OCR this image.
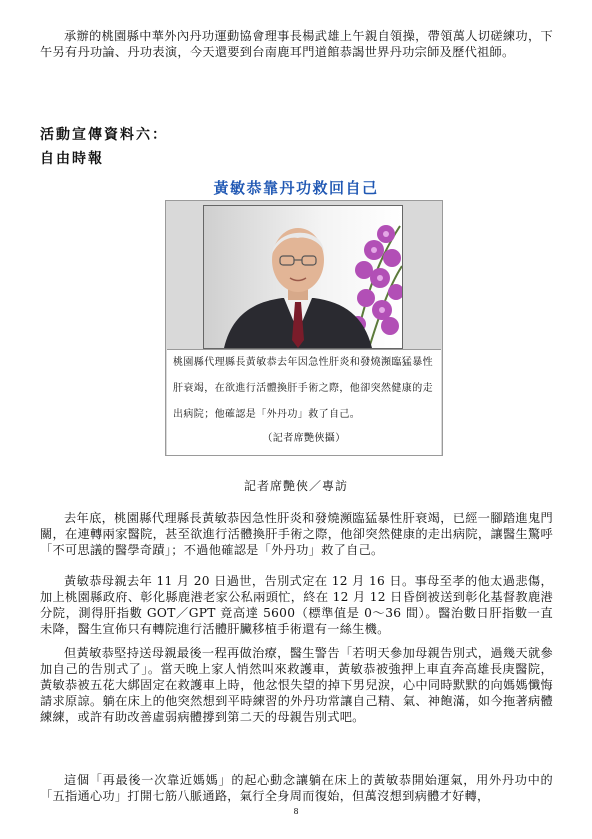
承辦的桃園縣中華外內丹功運動協會理事長楊武雄上午親自領操，帶領萬人切磋練功，下午另有丹功論、丹功表演，今天還要到台南鹿耳門道館恭謁世界丹功宗師及歷代祖師。

活動宣傳資料六：
自由時報
黃敏恭靠丹功救回自己
桃園縣代理縣長黃敏恭去年因急性肝炎和發燒瀕臨猛暴性肝衰竭，在欲進行活體換肝手術之際，他卻突然健康的走出病院；他確認是「外丹功」救了自己。
（記者席艷俠攝）
記者席艷俠／專訪

去年底，桃園縣代理縣長黃敏恭因急性肝炎和發燒瀕臨猛暴性肝衰竭，已經一腳踏進鬼門關，在連轉兩家醫院，甚至欲進行活體換肝手術之際，他卻突然健康的走出病院，讓醫生驚呼「不可思議的醫學奇蹟」；不過他確認是「外丹功」救了自己。

黃敏恭母親去年 11 月 20 日過世，告別式定在 12 月 16 日。事母至孝的他太過悲傷，加上桃園縣政府、彰化縣鹿港老家公私兩頭忙，終在 12 月 12 日昏倒被送到彰化基督教鹿港分院，測得肝指數 GOT／GPT 竟高達 5600（標準值是 0～36 間）。醫治數日肝指數一直未降，醫生宣佈只有轉院進行活體肝臟移植手術還有一絲生機。

但黃敏恭堅持送母親最後一程再做治療，醫生警告「若明天參加母親告別式，過幾天就參加自己的告別式了」。當天晚上家人悄然叫來救護車，黃敏恭被強押上車直奔高雄長庚醫院，黃敏恭被五花大綁固定在救護車上時，他忿恨失望的掉下男兒淚，心中同時默默的向媽媽懺悔請求原諒。躺在床上的他突然想到平時練習的外丹功常讓自己精、氣、神飽滿，如今拖著病體練練，或許有助改善虛弱病體撐到第二天的母親告別式吧。

這個「再最後一次靠近媽媽」的起心動念讓躺在床上的黃敏恭開始運氣，用外丹功中的「五指通心功」打開七筋八脈通路，氣行全身周而復始，但萬沒想到病體才好轉，

8
